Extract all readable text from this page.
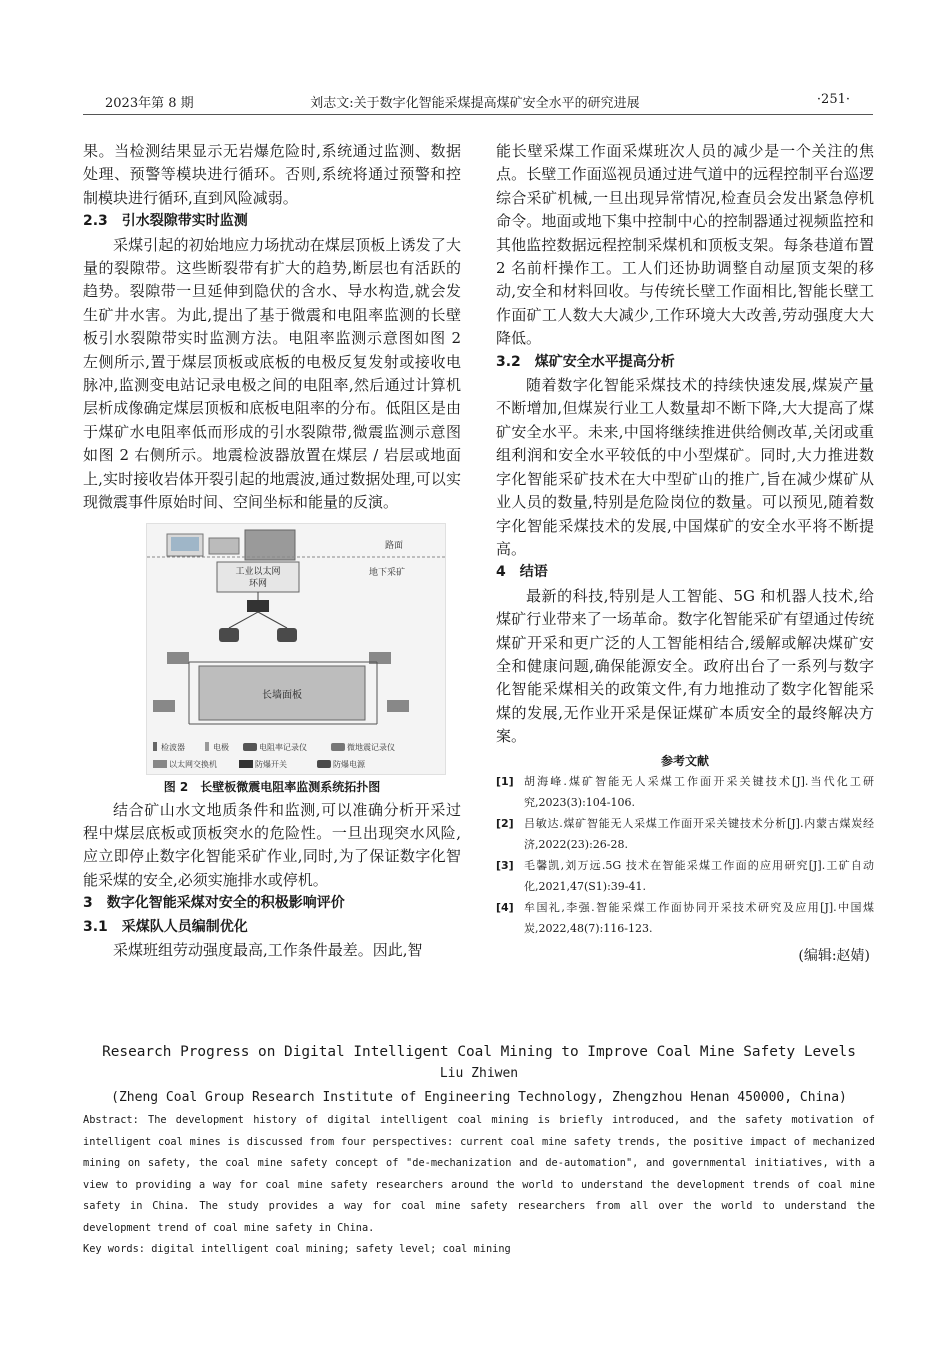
2023年第 8 期	刘志文:关于数字化智能采煤提高煤矿安全水平的研究进展	·251·

果。当检测结果显示无岩爆危险时,系统通过监测、数据处理、预警等模块进行循环。否则,系统将通过预警和控制模块进行循环,直到风险减弱。

2.3　引水裂隙带实时监测

采煤引起的初始地应力场扰动在煤层顶板上诱发了大量的裂隙带。这些断裂带有扩大的趋势,断层也有活跃的趋势。裂隙带一旦延伸到隐伏的含水、导水构造,就会发生矿井水害。为此,提出了基于微震和电阻率监测的长壁板引水裂隙带实时监测方法。电阻率监测示意图如图 2 左侧所示,置于煤层顶板或底板的电极反复发射或接收电脉冲,监测变电站记录电极之间的电阻率,然后通过计算机层析成像确定煤层顶板和底板电阻率的分布。低阻区是由于煤矿水电阻率低而形成的引水裂隙带,微震监测示意图如图 2 右侧所示。地震检波器放置在煤层 / 岩层或地面上,实时接收岩体开裂引起的地震波,通过数据处理,可以实现微震事件原始时间、空间坐标和能量的反演。

路面
地下采矿
工业以太网
环网
长墙面板
检波器	电极	电阻率记录仪	微地震记录仪
以太网交换机	防爆开关	防爆电源
图 2　长壁板微震电阻率监测系统拓扑图

结合矿山水文地质条件和监测,可以准确分析开采过程中煤层底板或顶板突水的危险性。一旦出现突水风险,应立即停止数字化智能采矿作业,同时,为了保证数字化智能采煤的安全,必须实施排水或停机。

3　数字化智能采煤对安全的积极影响评价
3.1　采煤队人员编制优化

采煤班组劳动强度最高,工作条件最差。因此,智

能长壁采煤工作面采煤班次人员的减少是一个关注的焦点。长壁工作面巡视员通过进气道中的远程控制平台巡逻综合采矿机械,一旦出现异常情况,检查员会发出紧急停机命令。地面或地下集中控制中心的控制器通过视频监控和其他监控数据远程控制采煤机和顶板支架。每条巷道布置 2 名前杆操作工。工人们还协助调整自动屋顶支架的移动,安全和材料回收。与传统长壁工作面相比,智能长壁工作面矿工人数大大减少,工作环境大大改善,劳动强度大大降低。

3.2　煤矿安全水平提高分析

随着数字化智能采煤技术的持续快速发展,煤炭产量不断增加,但煤炭行业工人数量却不断下降,大大提高了煤矿安全水平。未来,中国将继续推进供给侧改革,关闭或重组利润和安全水平较低的中小型煤矿。同时,大力推进数字化智能采矿技术在大中型矿山的推广,旨在减少煤矿从业人员的数量,特别是危险岗位的数量。可以预见,随着数字化智能采煤技术的发展,中国煤矿的安全水平将不断提高。

4　结语

最新的科技,特别是人工智能、5G 和机器人技术,给煤矿行业带来了一场革命。数字化智能采矿有望通过传统煤矿开采和更广泛的人工智能相结合,缓解或解决煤矿安全和健康问题,确保能源安全。政府出台了一系列与数字化智能采煤相关的政策文件,有力地推动了数字化智能采煤的发展,无作业开采是保证煤矿本质安全的最终解决方案。

参考文献
[1] 胡海峰.煤矿智能无人采煤工作面开采关键技术[J].当代化工研究,2023(3):104-106.
[2] 吕敏达.煤矿智能无人采煤工作面开采关键技术分析[J].内蒙古煤炭经济,2022(23):26-28.
[3] 毛馨凯,刘万远.5G 技术在智能采煤工作面的应用研究[J].工矿自动化,2021,47(S1):39-41.
[4] 牟国礼,李强.智能采煤工作面协同开采技术研究及应用[J].中国煤炭,2022,48(7):116-123.
(编辑:赵婧)
Research Progress on Digital Intelligent Coal Mining to Improve Coal Mine Safety Levels
Liu Zhiwen
(Zheng Coal Group Research Institute of Engineering Technology, Zhengzhou Henan 450000, China)
Abstract: The development history of digital intelligent coal mining is briefly introduced, and the safety motivation of intelligent coal mines is discussed from four perspectives: current coal mine safety trends, the positive impact of mechanized mining on safety, the coal mine safety concept of "de-mechanization and de-automation", and governmental initiatives, with a view to providing a way for coal mine safety researchers around the world to understand the development trends of coal mine safety in China. The study provides a way for coal mine safety researchers from all over the world to understand the development trend of coal mine safety in China.
Key words: digital intelligent coal mining; safety level; coal mining
